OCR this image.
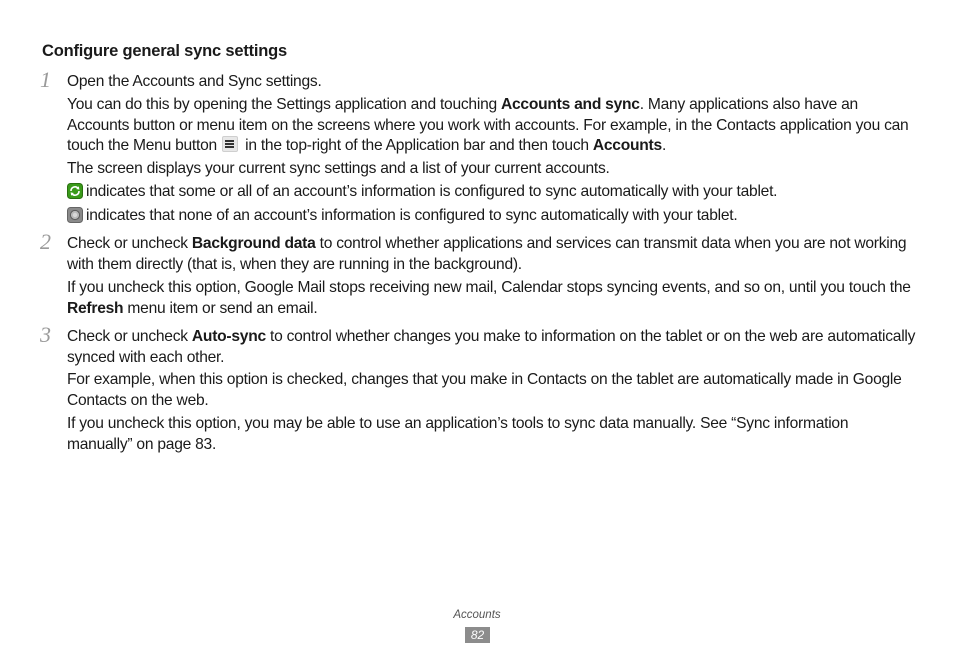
Configure general sync settings
1 Open the Accounts and Sync settings.
You can do this by opening the Settings application and touching Accounts and sync. Many applications also have an Accounts button or menu item on the screens where you work with accounts. For example, in the Contacts application you can touch the Menu button
in the top-right of the Application bar and then touch Accounts.
The screen displays your current sync settings and a list of your current accounts.
indicates that some or all of an account’s information is configured to sync automatically with your tablet.
indicates that none of an account’s information is configured to sync automatically with your tablet.
2 Check or uncheck Background data to control whether applications and services can transmit data when you are not working with them directly (that is, when they are running in the background).
If you uncheck this option, Google Mail stops receiving new mail, Calendar stops syncing events, and so on, until you touch the Refresh menu item or send an email.
3 Check or uncheck Auto-sync to control whether changes you make to information on the tablet or on the web are automatically synced with each other.
For example, when this option is checked, changes that you make in Contacts on the tablet are automatically made in Google Contacts on the web.
If you uncheck this option, you may be able to use an application’s tools to sync data manually. See “Sync information manually” on page 83.
Accounts
82
